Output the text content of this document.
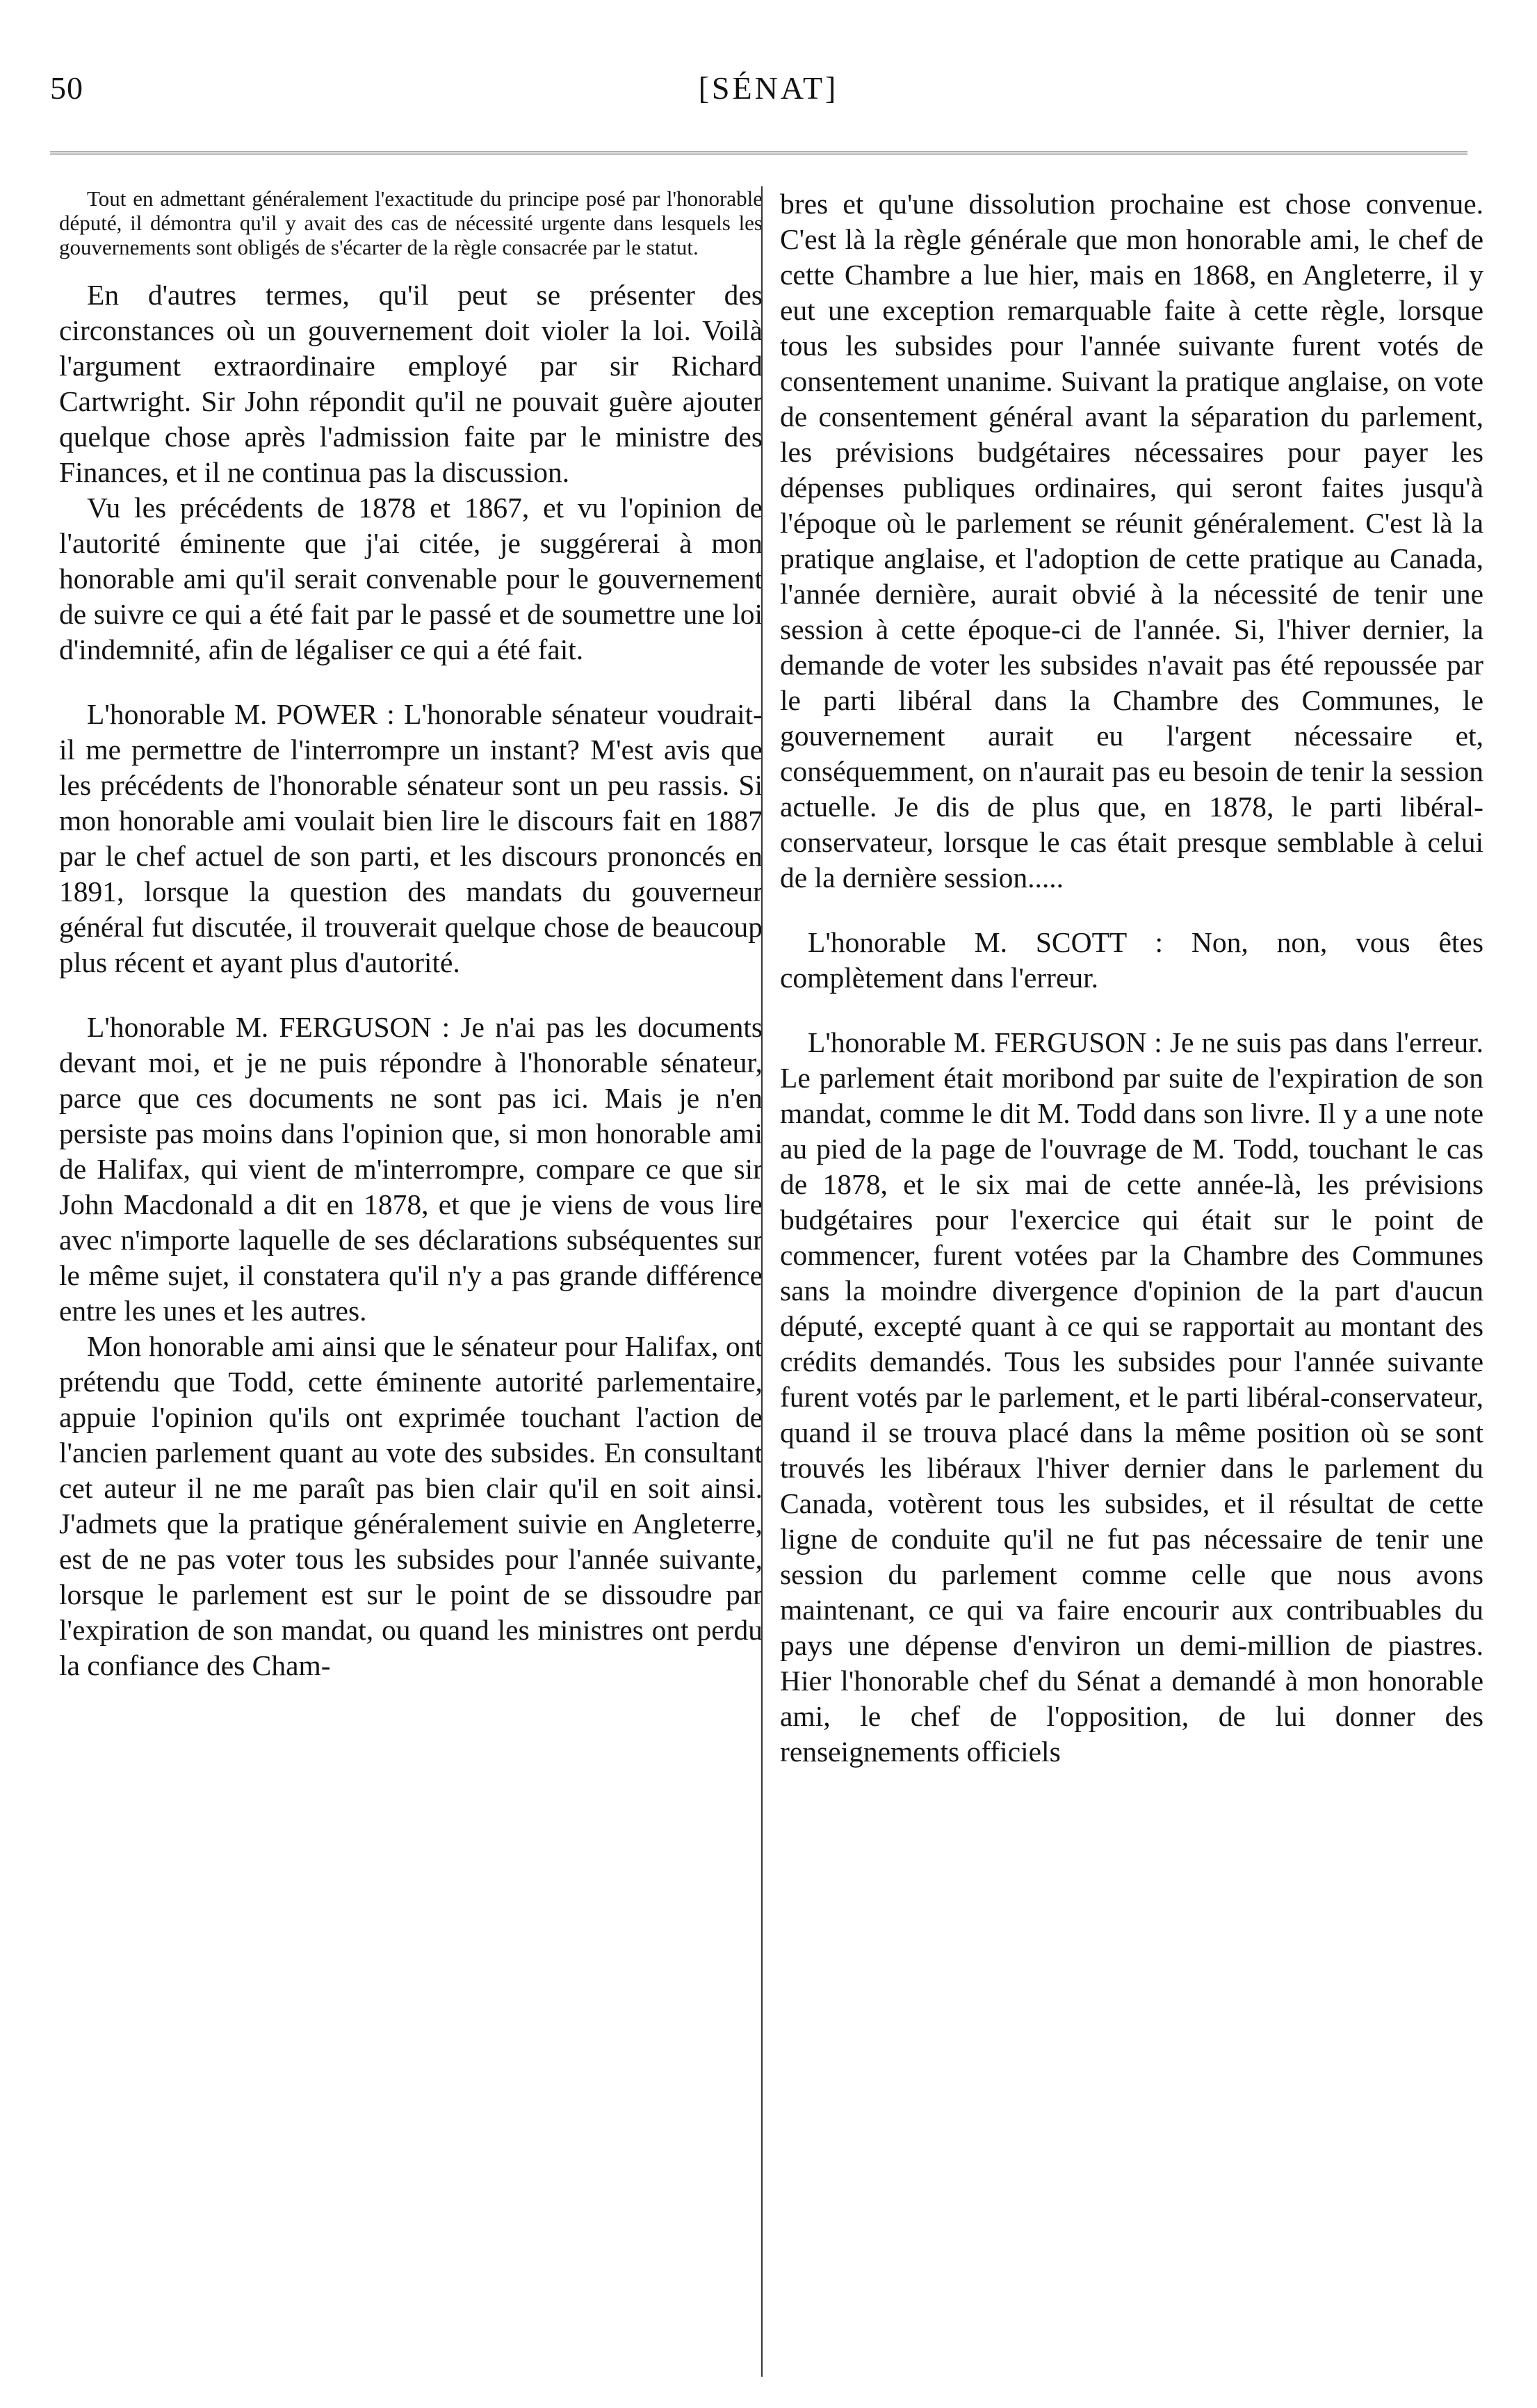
50	[SÉNAT]

Tout en admettant généralement l'exactitude du principe posé par l'honorable député, il démontra qu'il y avait des cas de nécessité urgente dans lesquels les gouvernements sont obligés de s'écarter de la règle consacrée par le statut.

En d'autres termes, qu'il peut se présenter des circonstances où un gouvernement doit violer la loi. Voilà l'argument extraordinaire employé par sir Richard Cartwright. Sir John répondit qu'il ne pouvait guère ajouter quelque chose après l'admission faite par le ministre des Finances, et il ne continua pas la discussion.

Vu les précédents de 1878 et 1867, et vu l'opinion de l'autorité éminente que j'ai citée, je suggérerai à mon honorable ami qu'il serait convenable pour le gouvernement de suivre ce qui a été fait par le passé et de soumettre une loi d'indemnité, afin de légaliser ce qui a été fait.

L'honorable M. POWER : L'honorable sénateur voudrait-il me permettre de l'interrompre un instant? M'est avis que les précédents de l'honorable sénateur sont un peu rassis. Si mon honorable ami voulait bien lire le discours fait en 1887 par le chef actuel de son parti, et les discours prononcés en 1891, lorsque la question des mandats du gouverneur général fut discutée, il trouverait quelque chose de beaucoup plus récent et ayant plus d'autorité.

L'honorable M. FERGUSON : Je n'ai pas les documents devant moi, et je ne puis répondre à l'honorable sénateur, parce que ces documents ne sont pas ici. Mais je n'en persiste pas moins dans l'opinion que, si mon honorable ami de Halifax, qui vient de m'interrompre, compare ce que sir John Macdonald a dit en 1878, et que je viens de vous lire avec n'importe laquelle de ses déclarations subséquentes sur le même sujet, il constatera qu'il n'y a pas grande différence entre les unes et les autres.

Mon honorable ami ainsi que le sénateur pour Halifax, ont prétendu que Todd, cette éminente autorité parlementaire, appuie l'opinion qu'ils ont exprimée touchant l'action de l'ancien parlement quant au vote des subsides. En consultant cet auteur il ne me paraît pas bien clair qu'il en soit ainsi. J'admets que la pratique généralement suivie en Angleterre, est de ne pas voter tous les subsides pour l'année suivante, lorsque le parlement est sur le point de se dissoudre par l'expiration de son mandat, ou quand les ministres ont perdu la confiance des Cham-

bres et qu'une dissolution prochaine est chose convenue. C'est là la règle générale que mon honorable ami, le chef de cette Chambre a lue hier, mais en 1868, en Angleterre, il y eut une exception remarquable faite à cette règle, lorsque tous les subsides pour l'année suivante furent votés de consentement unanime. Suivant la pratique anglaise, on vote de consentement général avant la séparation du parlement, les prévisions budgétaires nécessaires pour payer les dépenses publiques ordinaires, qui seront faites jusqu'à l'époque où le parlement se réunit généralement. C'est là la pratique anglaise, et l'adoption de cette pratique au Canada, l'année dernière, aurait obvié à la nécessité de tenir une session à cette époque-ci de l'année. Si, l'hiver dernier, la demande de voter les subsides n'avait pas été repoussée par le parti libéral dans la Chambre des Communes, le gouvernement aurait eu l'argent nécessaire et, conséquemment, on n'aurait pas eu besoin de tenir la session actuelle. Je dis de plus que, en 1878, le parti libéral-conservateur, lorsque le cas était presque semblable à celui de la dernière session.....

L'honorable M. SCOTT : Non, non, vous êtes complètement dans l'erreur.

L'honorable M. FERGUSON : Je ne suis pas dans l'erreur. Le parlement était moribond par suite de l'expiration de son mandat, comme le dit M. Todd dans son livre. Il y a une note au pied de la page de l'ouvrage de M. Todd, touchant le cas de 1878, et le six mai de cette année-là, les prévisions budgétaires pour l'exercice qui était sur le point de commencer, furent votées par la Chambre des Communes sans la moindre divergence d'opinion de la part d'aucun député, excepté quant à ce qui se rapportait au montant des crédits demandés. Tous les subsides pour l'année suivante furent votés par le parlement, et le parti libéral-conservateur, quand il se trouva placé dans la même position où se sont trouvés les libéraux l'hiver dernier dans le parlement du Canada, votèrent tous les subsides, et il résultat de cette ligne de conduite qu'il ne fut pas nécessaire de tenir une session du parlement comme celle que nous avons maintenant, ce qui va faire encourir aux contribuables du pays une dépense d'environ un demi-million de piastres. Hier l'honorable chef du Sénat a demandé à mon honorable ami, le chef de l'opposition, de lui donner des renseignements officiels
